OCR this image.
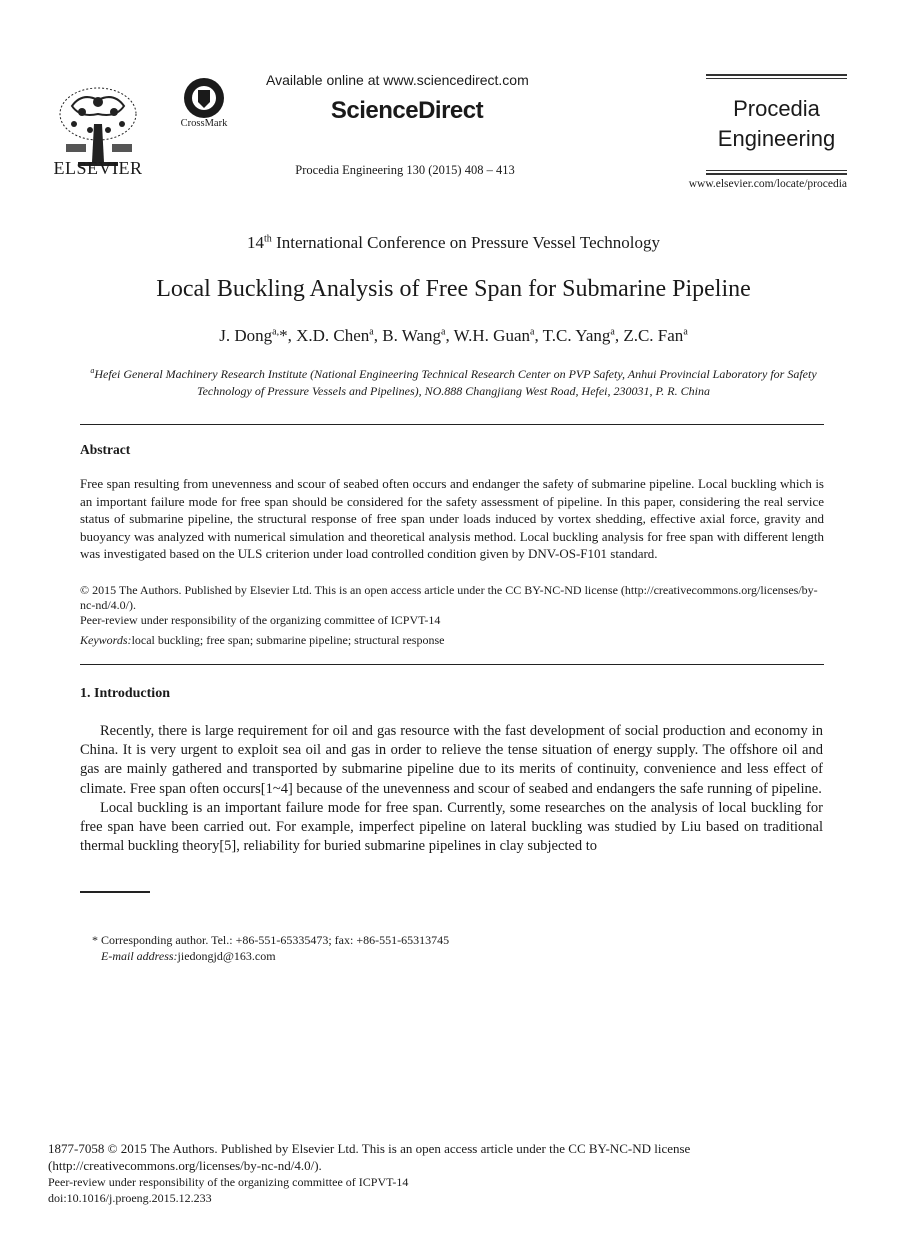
ELSEVIER
CrossMark
Available online at www.sciencedirect.com
ScienceDirect
Procedia Engineering 130 (2015) 408 – 413
Procedia
Engineering
www.elsevier.com/locate/procedia
14th International Conference on Pressure Vessel Technology
Local Buckling Analysis of Free Span for Submarine Pipeline
J. Dong$^{a,}$*, X.D. Chen$^a$, B. Wang$^a$, W.H. Guan$^a$, T.C. Yang$^a$, Z.C. Fan$^a$
$^a$Hefei General Machinery Research Institute (National Engineering Technical Research Center on PVP Safety, Anhui Provincial Laboratory for Safety Technology of Pressure Vessels and Pipelines), NO.888 Changjiang West Road, Hefei, 230031, P. R. China
Abstract
Free span resulting from unevenness and scour of seabed often occurs and endanger the safety of submarine pipeline. Local buckling which is an important failure mode for free span should be considered for the safety assessment of pipeline. In this paper, considering the real service status of submarine pipeline, the structural response of free span under loads induced by vortex shedding, effective axial force, gravity and buoyancy was analyzed with numerical simulation and theoretical analysis method. Local buckling analysis for free span with different length was investigated based on the ULS criterion under load controlled condition given by DNV-OS-F101 standard.
© 2015 The Authors. Published by Elsevier Ltd. This is an open access article under the CC BY-NC-ND license (http://creativecommons.org/licenses/by-nc-nd/4.0/).
Peer-review under responsibility of the organizing committee of ICPVT-14
Keywords:local buckling; free span; submarine pipeline; structural response
1. Introduction

Recently, there is large requirement for oil and gas resource with the fast development of social production and economy in China. It is very urgent to exploit sea oil and gas in order to relieve the tense situation of energy supply. The offshore oil and gas are mainly gathered and transported by submarine pipeline due to its merits of continuity, convenience and less effect of climate. Free span often occurs[1~4] because of the unevenness and scour of seabed and endangers the safe running of pipeline.

Local buckling is an important failure mode for free span. Currently, some researches on the analysis of local buckling for free span have been carried out. For example, imperfect pipeline on lateral buckling was studied by Liu based on traditional thermal buckling theory[5], reliability for buried submarine pipelines in clay subjected to

* Corresponding author. Tel.: +86-551-65335473; fax: +86-551-65313745
E-mail address:jiedongjd@163.com
1877-7058 © 2015 The Authors. Published by Elsevier Ltd. This is an open access article under the CC BY-NC-ND license
(http://creativecommons.org/licenses/by-nc-nd/4.0/).
Peer-review under responsibility of the organizing committee of ICPVT-14
doi:10.1016/j.proeng.2015.12.233
